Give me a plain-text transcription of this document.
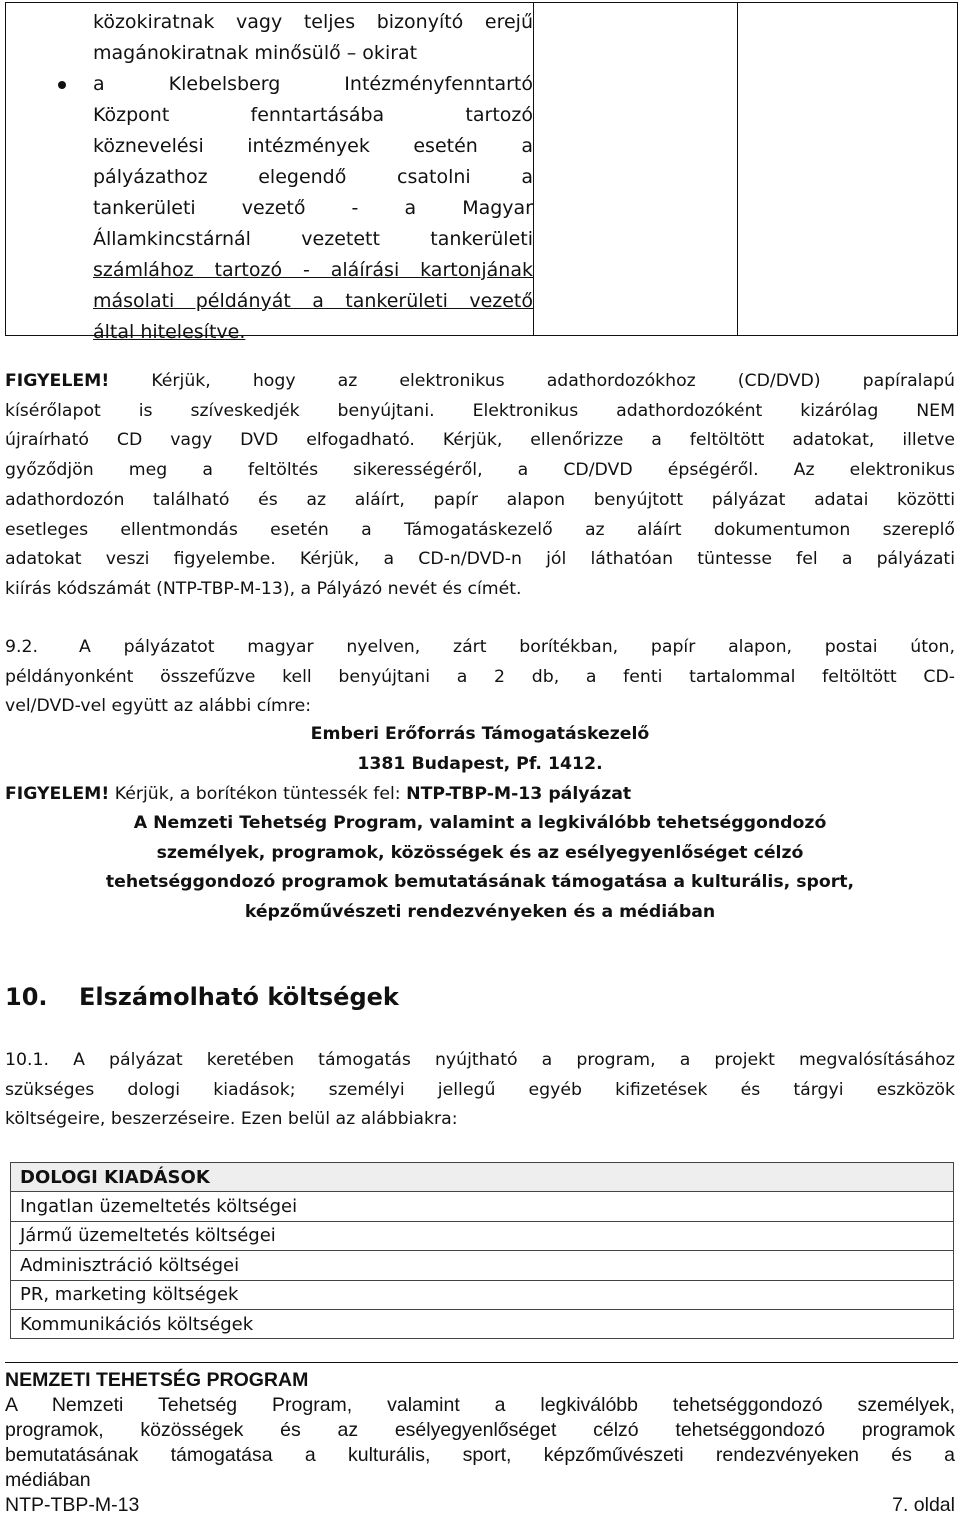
közokiratnak vagy teljes bizonyító erejű
magánokiratnak minősülő – okirat
a Klebelsberg Intézményfenntartó
Központ fenntartásába tartozó
köznevelési intézmények esetén a
pályázathoz elegendő csatolni a
tankerületi vezető - a Magyar
Államkincstárnál vezetett tankerületi
számlához tartozó - aláírási kartonjának
másolati példányát a tankerületi vezető
által hitelesítve.
FIGYELEM! Kérjük, hogy az elektronikus adathordozókhoz (CD/DVD) papíralapú
kísérőlapot is szíveskedjék benyújtani. Elektronikus adathordozóként kizárólag NEM
újraírható CD vagy DVD elfogadható. Kérjük, ellenőrizze a feltöltött adatokat, illetve
győződjön meg a feltöltés sikerességéről, a CD/DVD épségéről. Az elektronikus
adathordozón található és az aláírt, papír alapon benyújtott pályázat adatai közötti
esetleges ellentmondás esetén a Támogatáskezelő az aláírt dokumentumon szereplő
adatokat veszi figyelembe. Kérjük, a CD-n/DVD-n jól láthatóan tüntesse fel a pályázati
kiírás kódszámát (NTP-TBP-M-13), a Pályázó nevét és címét.
9.2. A pályázatot magyar nyelven, zárt borítékban, papír alapon, postai úton,
példányonként összefűzve kell benyújtani a 2 db, a fenti tartalommal feltöltött CD-
vel/DVD-vel együtt az alábbi címre:
Emberi Erőforrás Támogatáskezelő
1381 Budapest, Pf. 1412.
FIGYELEM! Kérjük, a borítékon tüntessék fel: NTP-TBP-M-13 pályázat
A Nemzeti Tehetség Program, valamint a legkiválóbb tehetséggondozó
személyek, programok, közösségek és az esélyegyenlőséget célzó
tehetséggondozó programok bemutatásának támogatása a kulturális, sport,
képzőművészeti rendezvényeken és a médiában
10. Elszámolható költségek
10.1. A pályázat keretében támogatás nyújtható a program, a projekt megvalósításához
szükséges dologi kiadások; személyi jellegű egyéb kifizetések és tárgyi eszközök
költségeire, beszerzéseire. Ezen belül az alábbiakra:
DOLOGI KIADÁSOK
Ingatlan üzemeltetés költségei
Jármű üzemeltetés költségei
Adminisztráció költségei
PR, marketing költségek
Kommunikációs költségek
NEMZETI TEHETSÉG PROGRAM
A Nemzeti Tehetség Program, valamint a legkiválóbb tehetséggondozó személyek,
programok, közösségek és az esélyegyenlőséget célzó tehetséggondozó programok
bemutatásának támogatása a kulturális, sport, képzőművészeti rendezvényeken és a
médiában
NTP-TBP-M-13	7. oldal
